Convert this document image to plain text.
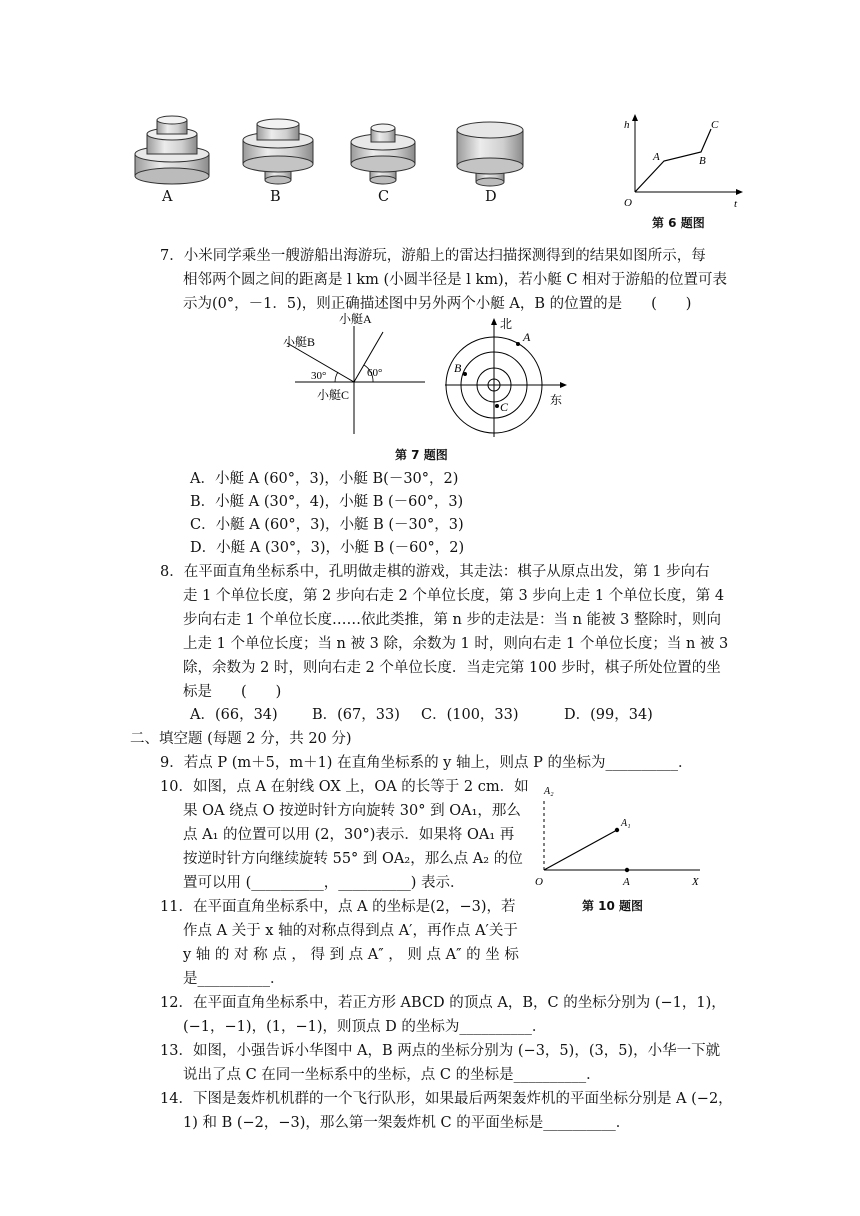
A	B	C	D
h
t
O
A	B
C
第 6 题图
7．小米同学乘坐一艘游船出海游玩，游船上的雷达扫描探测得到的结果如图所示，每
相邻两个圆之间的距离是 l km (小圆半径是 l km)，若小艇 C 相对于游船的位置可表
示为(0°，－1．5)，则正确描述图中另外两个小艇 A，B 的位置的是　　(　　)
小艇A
小艇B
小艇C
30°	60°
北
东
A
B
C
第 7 题图
A．小艇 A (60°，3)，小艇 B(－30°，2)
B．小艇 A (30°，4)，小艇 B (－60°，3)
C．小艇 A (60°，3)，小艇 B (－30°，3)
D．小艇 A (30°，3)，小艇 B (－60°，2)
8．在平面直角坐标系中，孔明做走棋的游戏，其走法：棋子从原点出发，第 1 步向右
走 1 个单位长度，第 2 步向右走 2 个单位长度，第 3 步向上走 1 个单位长度，第 4
步向右走 1 个单位长度……依此类推，第 n 步的走法是：当 n 能被 3 整除时，则向
上走 1 个单位长度；当 n 被 3 除，余数为 1 时，则向右走 1 个单位长度；当 n 被 3
除，余数为 2 时，则向右走 2 个单位长度．当走完第 100 步时，棋子所处位置的坐
标是　　(　　)
A．(66，34) B．(67，33) C．(100，33)	D．(99，34)
二、填空题 (每题 2 分，共 20 分)
9．若点 P (m＋5，m＋1) 在直角坐标系的 y 轴上，则点 P 的坐标为__________．
10．如图，点 A 在射线 OX 上，OA 的长等于 2 cm．如
果 OA 绕点 O 按逆时针方向旋转 30° 到 OA₁，那么
点 A₁ 的位置可以用 (2，30°)表示．如果将 OA₁ 再
按逆时针方向继续旋转 55° 到 OA₂，那么点 A₂ 的位
置可以用 (__________，__________) 表示．
A₂
A₁
O	A	X
第 10 题图
11．在平面直角坐标系中，点 A 的坐标是(2，−3)，若
作点 A 关于 x 轴的对称点得到点 A′，再作点 A′关于
y 轴 的 对 称 点 ， 得 到 点 A″ ， 则 点 A″ 的 坐 标
是__________．
12．在平面直角坐标系中，若正方形 ABCD 的顶点 A，B，C 的坐标分别为 (−1，1)，
(−1，−1)，(1，−1)，则顶点 D 的坐标为__________．
13．如图，小强告诉小华图中 A，B 两点的坐标分别为 (−3，5)，(3，5)，小华一下就
说出了点 C 在同一坐标系中的坐标，点 C 的坐标是__________．
14．下图是轰炸机机群的一个飞行队形，如果最后两架轰炸机的平面坐标分别是 A (−2，
1) 和 B (−2，−3)，那么第一架轰炸机 C 的平面坐标是__________．
